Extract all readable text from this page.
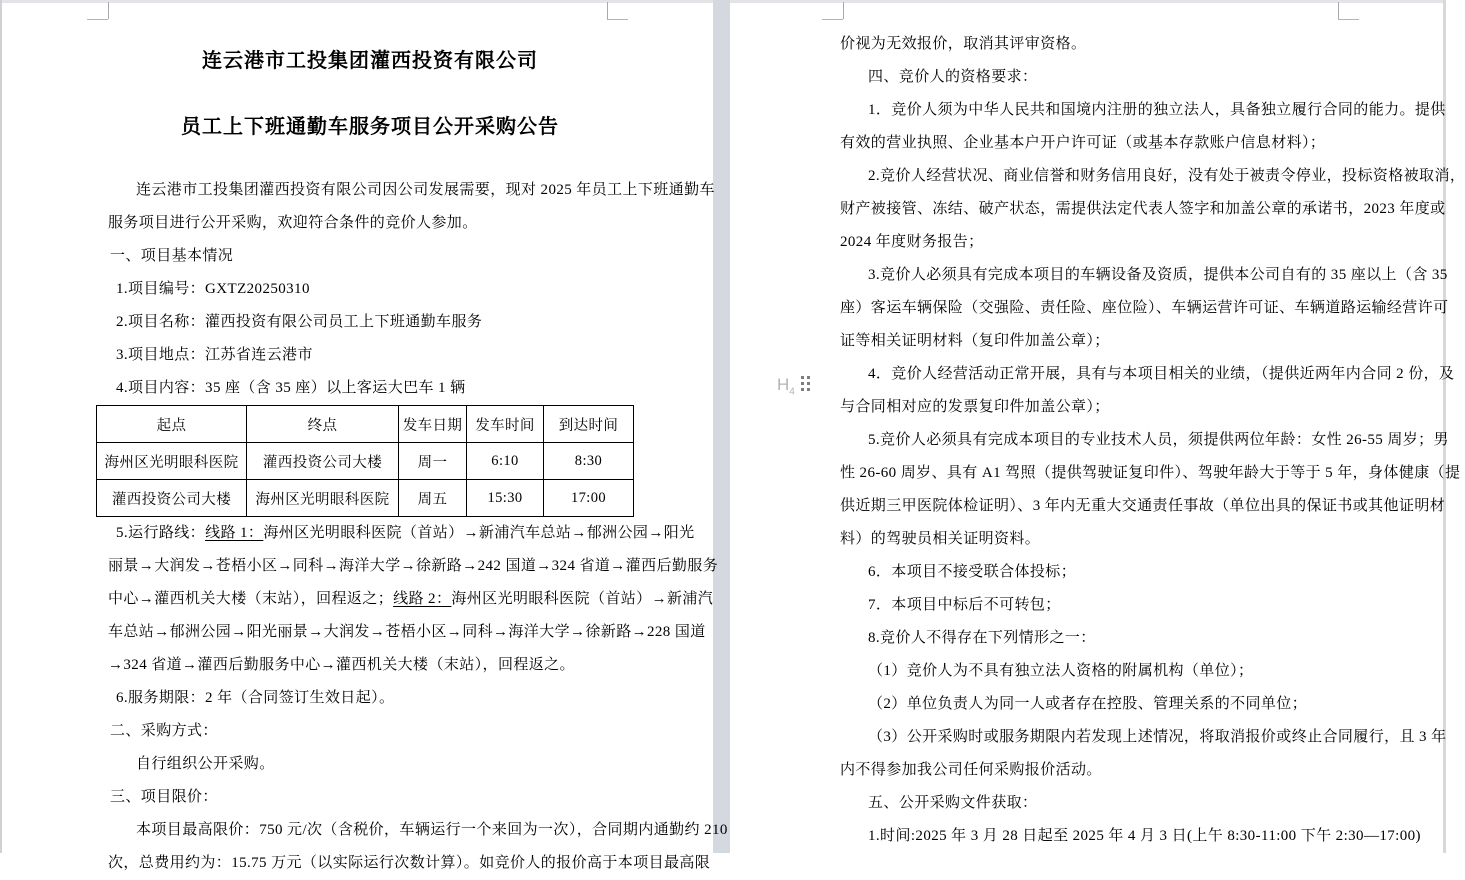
连云港市工投集团灌西投资有限公司
员工上下班通勤车服务项目公开采购公告
连云港市工投集团灌西投资有限公司因公司发展需要，现对 2025 年员工上下班通勤车
服务项目进行公开采购，欢迎符合条件的竞价人参加。
一、项目基本情况
1.项目编号：GXTZ20250310
2.项目名称：灌西投资有限公司员工上下班通勤车服务
3.项目地点：江苏省连云港市
4.项目内容：35 座（含 35 座）以上客运大巴车 1 辆
起点	终点	发车日期	发车时间	到达时间
海州区光明眼科医院	灌西投资公司大楼	周一	6:10	8:30
灌西投资公司大楼	海州区光明眼科医院	周五	15:30	17:00
5.运行路线：线路 1：海州区光明眼科医院（首站）→新浦汽车总站→郁洲公园→阳光
丽景→大润发→苍梧小区→同科→海洋大学→徐新路→242 国道→324 省道→灌西后勤服务
中心→灌西机关大楼（末站），回程返之；线路 2：海州区光明眼科医院（首站）→新浦汽
车总站→郁洲公园→阳光丽景→大润发→苍梧小区→同科→海洋大学→徐新路→228 国道
→324 省道→灌西后勤服务中心→灌西机关大楼（末站），回程返之。
6.服务期限：2 年（合同签订生效日起）。
二、采购方式：
自行组织公开采购。
三、项目限价：
本项目最高限价：750 元/次（含税价，车辆运行一个来回为一次），合同期内通勤约 210
次，总费用约为：15.75 万元（以实际运行次数计算）。如竞价人的报价高于本项目最高限
价视为无效报价，取消其评审资格。
四、竞价人的资格要求：
1．竞价人须为中华人民共和国境内注册的独立法人，具备独立履行合同的能力。提供
有效的营业执照、企业基本户开户许可证（或基本存款账户信息材料）；
2.竞价人经营状况、商业信誉和财务信用良好，没有处于被责令停业，投标资格被取消，
财产被接管、冻结、破产状态，需提供法定代表人签字和加盖公章的承诺书，2023 年度或
2024 年度财务报告；
3.竞价人必须具有完成本项目的车辆设备及资质，提供本公司自有的 35 座以上（含 35
座）客运车辆保险（交强险、责任险、座位险）、车辆运营许可证、车辆道路运输经营许可
证等相关证明材料（复印件加盖公章）；
4．竞价人经营活动正常开展，具有与本项目相关的业绩，（提供近两年内合同 2 份，及
与合同相对应的发票复印件加盖公章）；
5.竞价人必须具有完成本项目的专业技术人员，须提供两位年龄：女性 26-55 周岁；男
性 26-60 周岁、具有 A1 驾照（提供驾驶证复印件）、驾驶年龄大于等于 5 年，身体健康（提
供近期三甲医院体检证明）、3 年内无重大交通责任事故（单位出具的保证书或其他证明材
料）的驾驶员相关证明资料。
6．本项目不接受联合体投标；
7．本项目中标后不可转包；
8.竞价人不得存在下列情形之一：
（1）竞价人为不具有独立法人资格的附属机构（单位）；
（2）单位负责人为同一人或者存在控股、管理关系的不同单位；
（3）公开采购时或服务期限内若发现上述情况，将取消报价或终止合同履行，且 3 年
内不得参加我公司任何采购报价活动。
五、公开采购文件获取：
1.时间:2025 年 3 月 28 日起至 2025 年 4 月 3 日(上午 8:30-11:00 下午 2:30—17:00)
$H_4$
